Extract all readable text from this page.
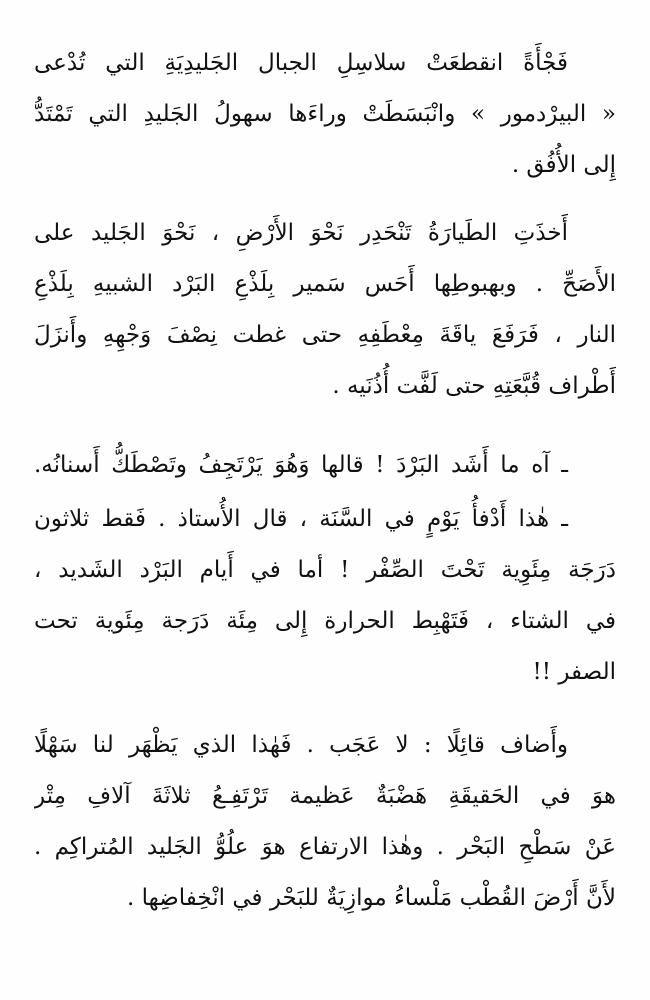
فَجْأَةً انقطعَتْ سلاسِلِ الجبال الجَليدِيَةِ التي تُدْعى
« البيرْدمور » وانْبَسَطَتْ وراءَها سهولُ الجَليدِ التي تَمْتَدُّ
إِلى الأُفُق .
أَخذَتِ الطَيارَةُ تَنْحَدِر نَحْوَ الأَرْضِ ، نَحْوَ الجَليد على
الأَصَحِّ . وبهبوطِها أَحَس سَمير بِلَذْعِ البَرْد الشبيهِ بِلَذْعِ
النار ، فَرَفَعَ ياقَةَ مِعْطَفِهِ حتى غطت نِصْفَ وَجْهِهِ وأَنزَلَ
أَطْراف قُبَّعَتِهِ حتى لَفَّت أُذُنَيه .
ـ آه ما أَشَد البَرْدَ ! قالها وَهُوَ يَرْتَجِفُ وتَصْطَكُّ أَسنانُه.
ـ هٰذا أَدْفأُ يَوْمٍ في السَّنَة ، قال الأُستاذ . فَقط ثلاثون
دَرَجَة مِئَوِية تَحْتَ الصِّفْر ! أما في أَيام البَرْد الشَديد ،
في الشتاء ، فَتَهْبِط الحرارة إِلى مِئَة دَرَجة مِئَوية تحت
الصفر !!
وأَضاف قائِلًا : لا عَجَب . فَهٰذا الذي يَظْهَر لنا سَهْلًا
هوَ في الحَقيقَةِ هَضْبَةٌ عَظيمة تَرْتَفِـعُ ثلاثَةَ آلافِ مِتْر
عَنْ سَطْحِ البَحْر . وهٰذا الارتفاع هوَ علُوُّ الجَليد المُتراكِم .
لأَنَّ أَرْضَ القُطْب مَلْساءُ موازِيَةٌ للبَحْر في انْخِفاضِها .
